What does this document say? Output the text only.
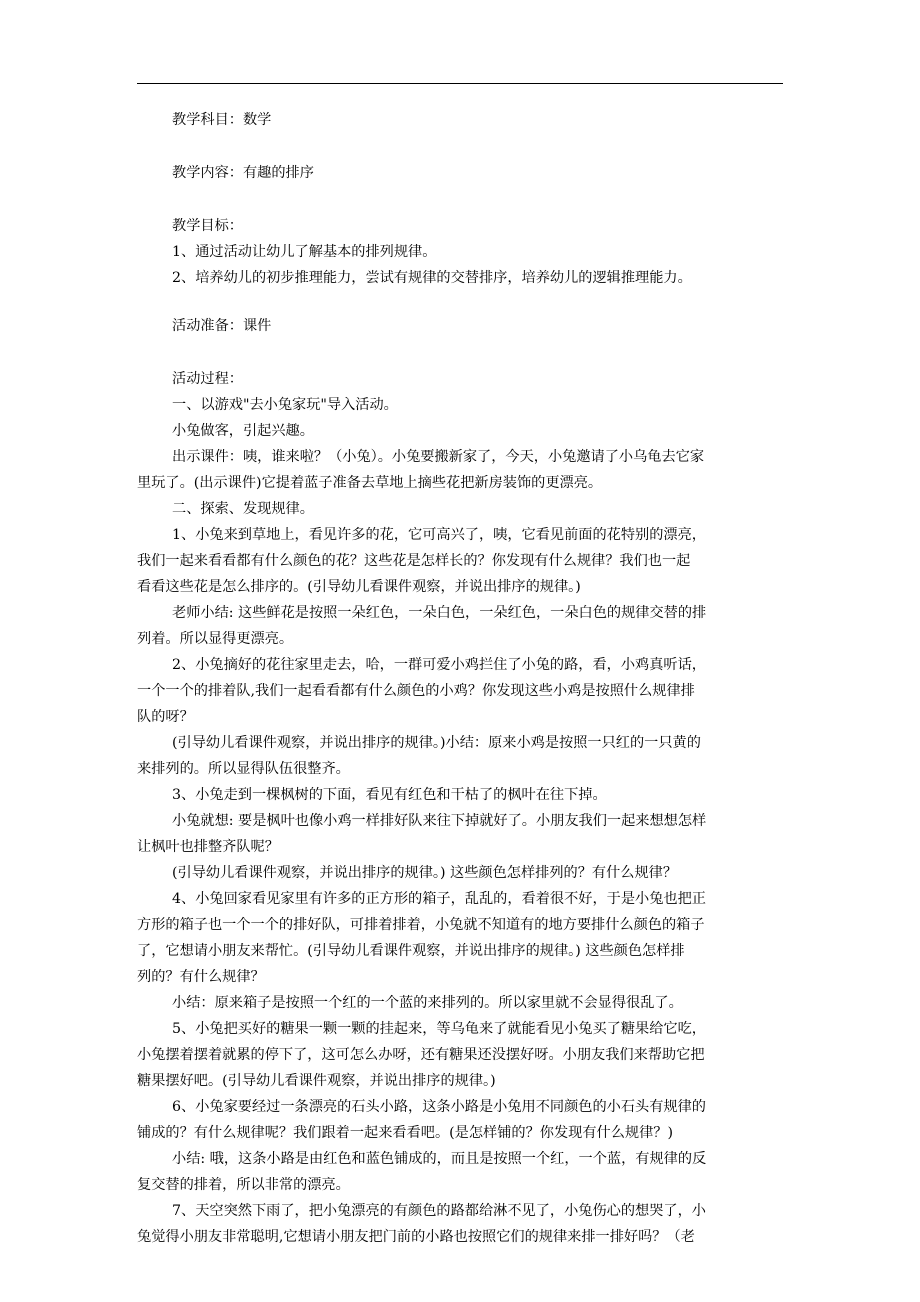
教学科目：数学
教学内容：有趣的排序
教学目标：
1、通过活动让幼儿了解基本的排列规律。
2、培养幼儿的初步推理能力，尝试有规律的交替排序，培养幼儿的逻辑推理能力。
活动准备：课件
活动过程：
一、以游戏"去小兔家玩"导入活动。
小兔做客，引起兴趣。
出示课件：咦，谁来啦？（小兔）。小兔要搬新家了，今天，小兔邀请了小乌龟去它家
里玩了。(出示课件)它提着蓝子准备去草地上摘些花把新房装饰的更漂亮。
二、探索、发现规律。
1、小兔来到草地上，看见许多的花，它可高兴了，咦，它看见前面的花特别的漂亮，
我们一起来看看都有什么颜色的花？这些花是怎样长的？你发现有什么规律？我们也一起
看看这些花是怎么排序的。(引导幼儿看课件观察，并说出排序的规律。)
老师小结: 这些鲜花是按照一朵红色，一朵白色，一朵红色，一朵白色的规律交替的排
列着。所以显得更漂亮。
2、小兔摘好的花往家里走去，哈，一群可爱小鸡拦住了小兔的路，看，小鸡真听话，
一个一个的排着队,我们一起看看都有什么颜色的小鸡？你发现这些小鸡是按照什么规律排
队的呀？
(引导幼儿看课件观察，并说出排序的规律。)小结：原来小鸡是按照一只红的一只黄的
来排列的。所以显得队伍很整齐。
3、小兔走到一棵枫树的下面，看见有红色和干枯了的枫叶在往下掉。
小兔就想: 要是枫叶也像小鸡一样排好队来往下掉就好了。小朋友我们一起来想想怎样
让枫叶也排整齐队呢？
(引导幼儿看课件观察，并说出排序的规律。) 这些颜色怎样排列的？有什么规律？
4、小兔回家看见家里有许多的正方形的箱子，乱乱的，看着很不好，于是小兔也把正
方形的箱子也一个一个的排好队，可排着排着，小兔就不知道有的地方要排什么颜色的箱子
了，它想请小朋友来帮忙。(引导幼儿看课件观察，并说出排序的规律。) 这些颜色怎样排
列的？有什么规律？
小结：原来箱子是按照一个红的一个蓝的来排列的。所以家里就不会显得很乱了。
5、小兔把买好的糖果一颗一颗的挂起来，等乌龟来了就能看见小兔买了糖果给它吃，
小兔摆着摆着就累的停下了，这可怎么办呀，还有糖果还没摆好呀。小朋友我们来帮助它把
糖果摆好吧。(引导幼儿看课件观察，并说出排序的规律。)
6、小兔家要经过一条漂亮的石头小路，这条小路是小兔用不同颜色的小石头有规律的
铺成的？有什么规律呢？我们跟着一起来看看吧。(是怎样铺的？你发现有什么规律？)
小结: 哦，这条小路是由红色和蓝色铺成的，而且是按照一个红，一个蓝，有规律的反
复交替的排着，所以非常的漂亮。
7、天空突然下雨了，把小兔漂亮的有颜色的路都给淋不见了，小兔伤心的想哭了，小
兔觉得小朋友非常聪明,它想请小朋友把门前的小路也按照它们的规律来排一排好吗？（老
